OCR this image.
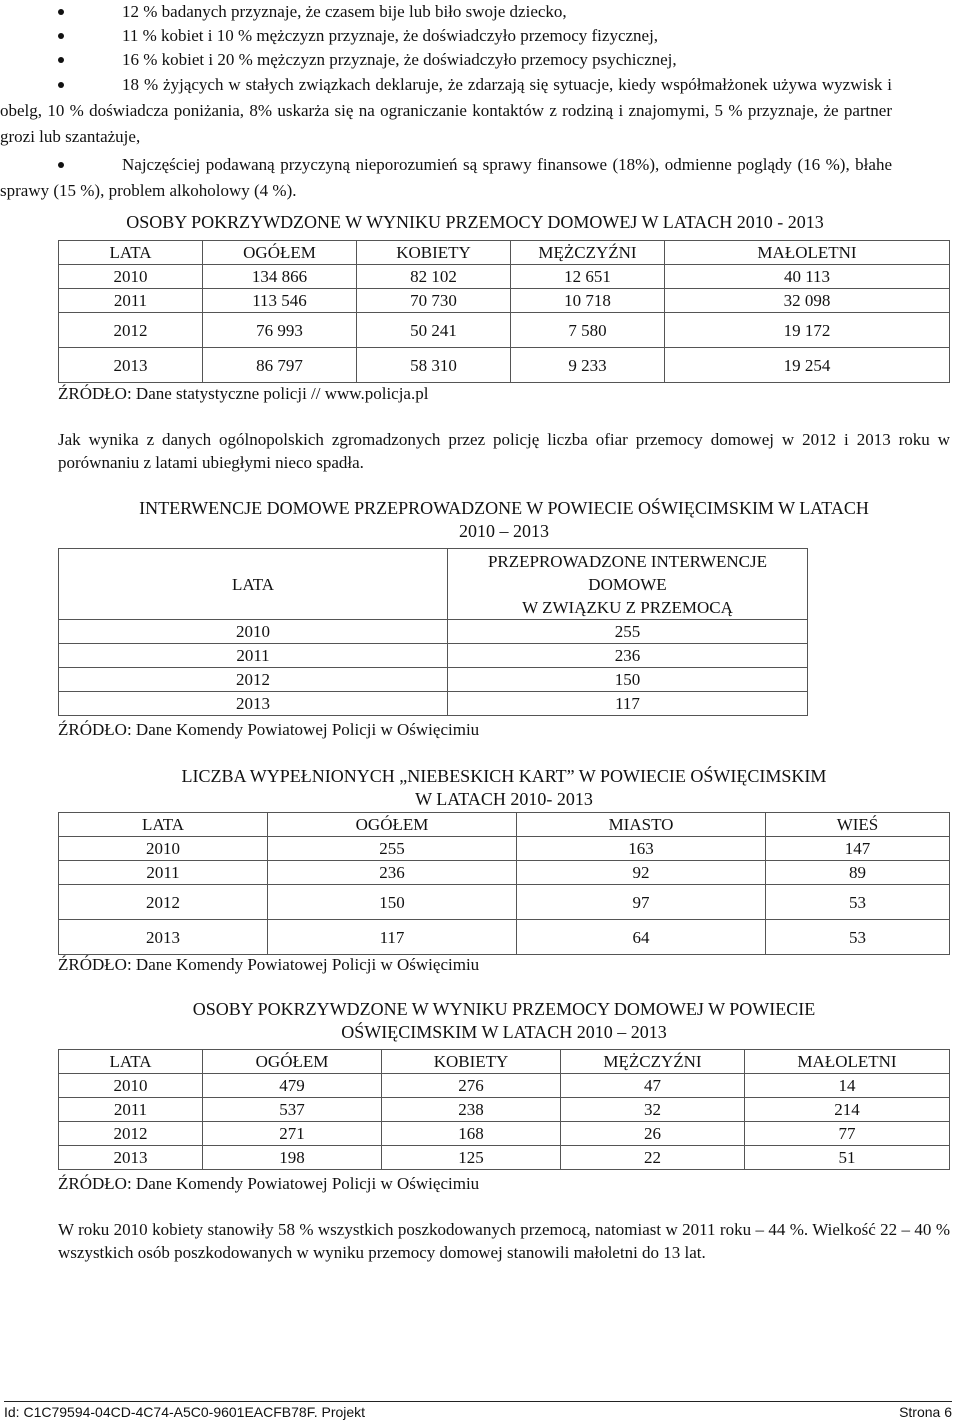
12 % badanych przyznaje, że czasem bije lub biło swoje dziecko,
11 % kobiet i 10 % mężczyzn przyznaje, że doświadczyło przemocy fizycznej,
16 % kobiet i 20 % mężczyzn przyznaje, że doświadczyło przemocy psychicznej,
18 % żyjących w stałych związkach deklaruje, że zdarzają się sytuacje, kiedy współmałżonek używa wyzwisk i obelg, 10 % doświadcza poniżania, 8% uskarża się na ograniczanie kontaktów z rodziną i znajomymi, 5 % przyznaje, że partner grozi lub szantażuje,
Najczęściej podawaną przyczyną nieporozumień są sprawy finansowe (18%), odmienne poglądy (16 %), błahe sprawy (15 %), problem alkoholowy (4 %).
OSOBY POKRZYWDZONE W WYNIKU PRZEMOCY DOMOWEJ W LATACH 2010 - 2013
LATA	OGÓŁEM	KOBIETY	MĘŻCZYŹNI	MAŁOLETNI
2010	134 866	82 102	12 651	40 113
2011	113 546	70 730	10 718	32 098
2012	76 993	50 241	7 580	19 172
2013	86 797	58 310	9 233	19 254
ŹRÓDŁO: Dane statystyczne policji // www.policja.pl
Jak wynika z danych ogólnopolskich zgromadzonych przez policję liczba ofiar przemocy domowej w 2012 i 2013 roku w porównaniu z latami ubiegłymi nieco spadła.
INTERWENCJE DOMOWE PRZEPROWADZONE W POWIECIE OŚWIĘCIMSKIM W LATACH
2010 – 2013
LATA	PRZEPROWADZONE INTERWENCJE
DOMOWE
W ZWIĄZKU Z PRZEMOCĄ

2010	255
2011	236
2012	150
2013	117
ŹRÓDŁO: Dane Komendy Powiatowej Policji w Oświęcimiu
LICZBA WYPEŁNIONYCH „NIEBESKICH KART” W POWIECIE OŚWIĘCIMSKIM
W LATACH 2010- 2013
LATA	OGÓŁEM	MIASTO	WIEŚ
2010	255	163	147
2011	236	92	89
2012	150	97	53
2013	117	64	53
ŹRÓDŁO: Dane Komendy Powiatowej Policji w Oświęcimiu
OSOBY POKRZYWDZONE W WYNIKU PRZEMOCY DOMOWEJ W POWIECIE
OŚWIĘCIMSKIM W LATACH 2010 – 2013
LATA	OGÓŁEM	KOBIETY	MĘŻCZYŹNI	MAŁOLETNI
2010	479	276	47	14
2011	537	238	32	214
2012	271	168	26	77
2013	198	125	22	51
ŹRÓDŁO: Dane Komendy Powiatowej Policji w Oświęcimiu
W roku 2010 kobiety stanowiły 58 % wszystkich poszkodowanych przemocą, natomiast w 2011 roku – 44 %. Wielkość 22 – 40 % wszystkich osób poszkodowanych w wyniku przemocy domowej stanowili małoletni do 13 lat.
Id: C1C79594-04CD-4C74-A5C0-9601EACFB78F. Projekt	Strona 6
